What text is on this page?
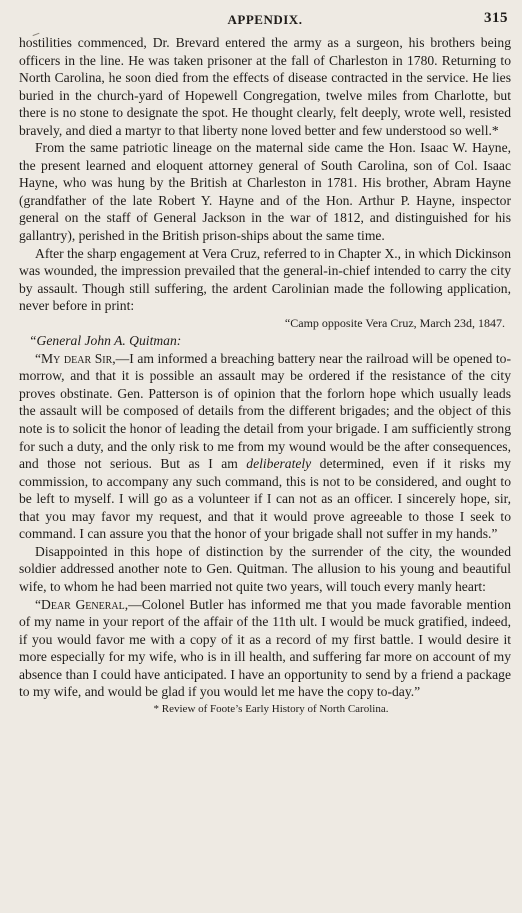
APPENDIX.	315

hostilities commenced, Dr. Brevard entered the army as a surgeon, his brothers being officers in the line. He was taken prisoner at the fall of Charleston in 1780. Returning to North Carolina, he soon died from the effects of disease contracted in the service. He lies buried in the church-yard of Hopewell Congregation, twelve miles from Charlotte, but there is no stone to designate the spot. He thought clearly, felt deeply, wrote well, resisted bravely, and died a martyr to that liberty none loved better and few understood so well.*

From the same patriotic lineage on the maternal side came the Hon. Isaac W. Hayne, the present learned and eloquent attorney general of South Carolina, son of Col. Isaac Hayne, who was hung by the British at Charleston in 1781. His brother, Abram Hayne (grandfather of the late Robert Y. Hayne and of the Hon. Arthur P. Hayne, inspector general on the staff of General Jackson in the war of 1812, and distinguished for his gallantry), perished in the British prison-ships about the same time.

After the sharp engagement at Vera Cruz, referred to in Chapter X., in which Dickinson was wounded, the impression prevailed that the general-in-chief intended to carry the city by assault. Though still suffering, the ardent Carolinian made the following application, never before in print:

“Camp opposite Vera Cruz, March 23d, 1847.

“General John A. Quitman:

“My dear Sir,—I am informed a breaching battery near the railroad will be opened to-morrow, and that it is possible an assault may be ordered if the resistance of the city proves obstinate. Gen. Patterson is of opinion that the forlorn hope which usually leads the assault will be composed of details from the different brigades; and the object of this note is to solicit the honor of leading the detail from your brigade. I am sufficiently strong for such a duty, and the only risk to me from my wound would be the after consequences, and those not serious. But as I am deliberately determined, even if it risks my commission, to accompany any such command, this is not to be considered, and ought to be left to myself. I will go as a volunteer if I can not as an officer. I sincerely hope, sir, that you may favor my request, and that it would prove agreeable to those I seek to command. I can assure you that the honor of your brigade shall not suffer in my hands.”

Disappointed in this hope of distinction by the surrender of the city, the wounded soldier addressed another note to Gen. Quitman. The allusion to his young and beautiful wife, to whom he had been married not quite two years, will touch every manly heart:

“Dear General,—Colonel Butler has informed me that you made favorable mention of my name in your report of the affair of the 11th ult. I would be muck gratified, indeed, if you would favor me with a copy of it as a record of my first battle. I would desire it more especially for my wife, who is in ill health, and suffering far more on account of my absence than I could have anticipated. I have an opportunity to send by a friend a package to my wife, and would be glad if you would let me have the copy to-day.”

* Review of Foote’s Early History of North Carolina.
